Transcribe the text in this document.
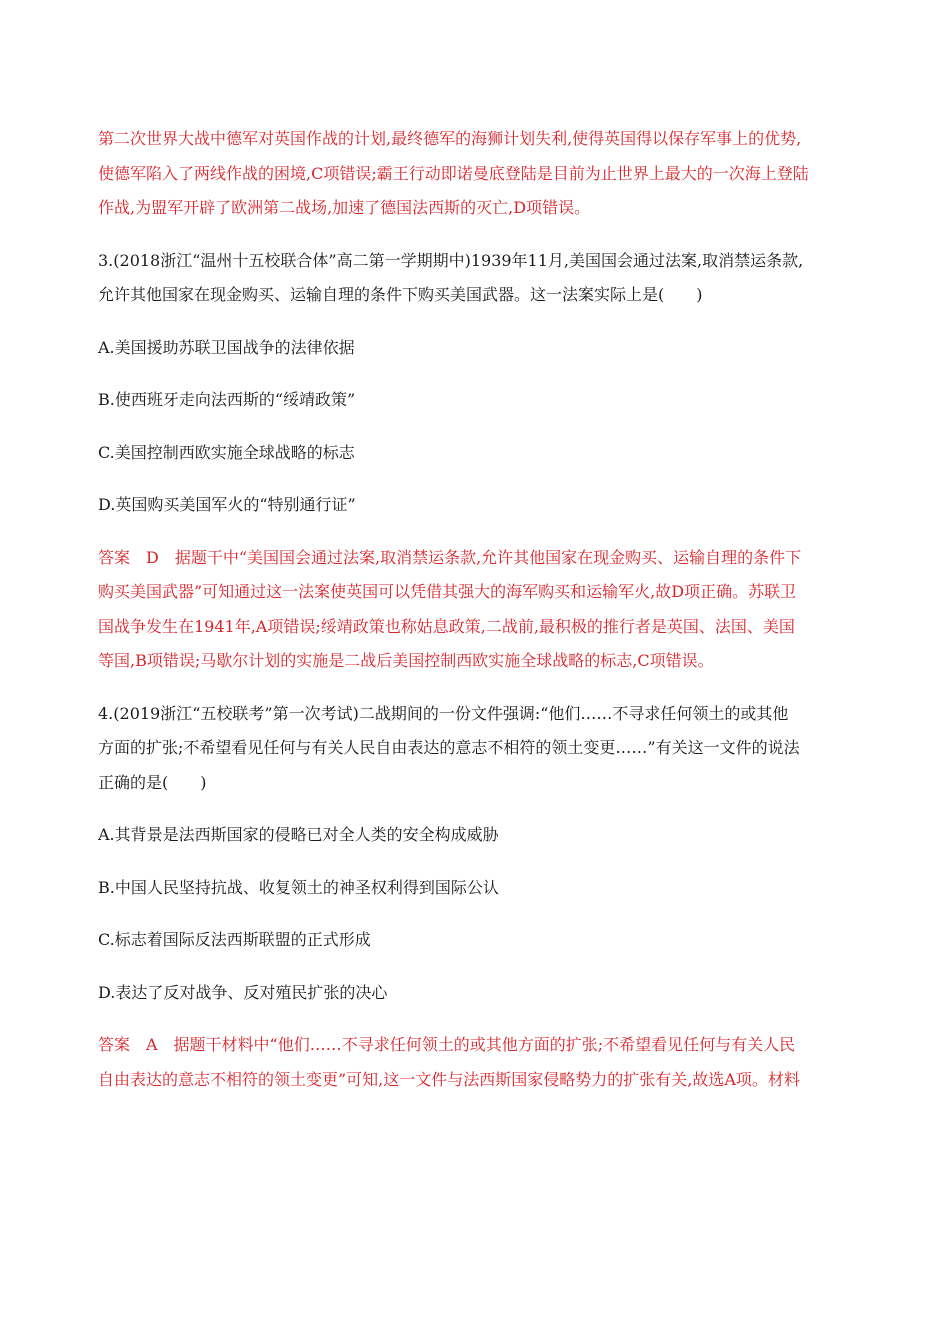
第二次世界大战中德军对英国作战的计划,最终德军的海狮计划失利,使得英国得以保存军事上的优势,
使德军陷入了两线作战的困境,C项错误;霸王行动即诺曼底登陆是目前为止世界上最大的一次海上登陆
作战,为盟军开辟了欧洲第二战场,加速了德国法西斯的灭亡,D项错误。
3.(2018浙江“温州十五校联合体”高二第一学期期中)1939年11月,美国国会通过法案,取消禁运条款,
允许其他国家在现金购买、运输自理的条件下购买美国武器。这一法案实际上是(　　)

A.美国援助苏联卫国战争的法律依据

B.使西班牙走向法西斯的“绥靖政策”

C.美国控制西欧实施全球战略的标志

D.英国购买美国军火的“特别通行证”

答案　D　据题干中“美国国会通过法案,取消禁运条款,允许其他国家在现金购买、运输自理的条件下
购买美国武器”可知通过这一法案使英国可以凭借其强大的海军购买和运输军火,故D项正确。苏联卫
国战争发生在1941年,A项错误;绥靖政策也称姑息政策,二战前,最积极的推行者是英国、法国、美国
等国,B项错误;马歇尔计划的实施是二战后美国控制西欧实施全球战略的标志,C项错误。
4.(2019浙江“五校联考”第一次考试)二战期间的一份文件强调:“他们……不寻求任何领土的或其他
方面的扩张;不希望看见任何与有关人民自由表达的意志不相符的领土变更……”有关这一文件的说法
正确的是(　　)

A.其背景是法西斯国家的侵略已对全人类的安全构成威胁

B.中国人民坚持抗战、收复领土的神圣权利得到国际公认

C.标志着国际反法西斯联盟的正式形成

D.表达了反对战争、反对殖民扩张的决心

答案　A　据题干材料中“他们……不寻求任何领土的或其他方面的扩张;不希望看见任何与有关人民
自由表达的意志不相符的领土变更”可知,这一文件与法西斯国家侵略势力的扩张有关,故选A项。材料
